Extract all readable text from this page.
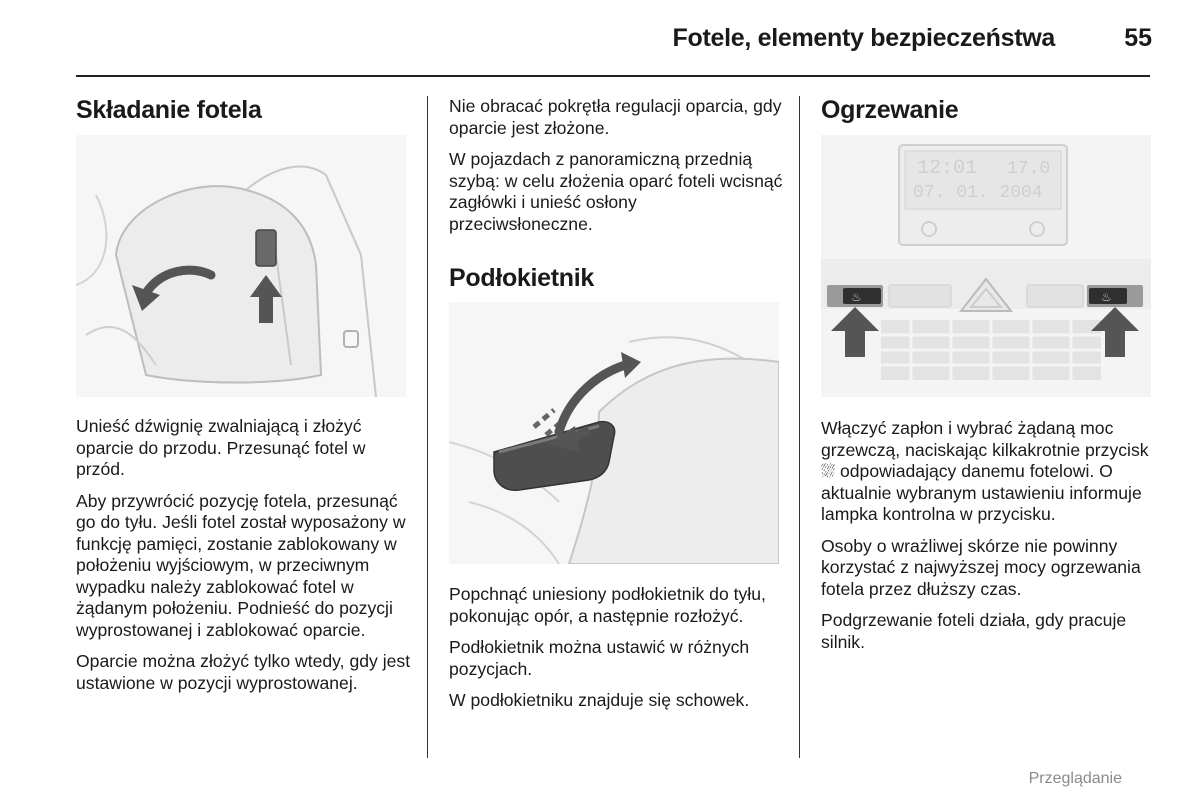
Fotele, elementy bezpieczeństwa	55
Składanie fotela

Unieść dźwignię zwalniającą i złożyć oparcie do przodu. Przesunąć fotel w przód.

Aby przywrócić pozycję fotela, przesunąć go do tyłu. Jeśli fotel został wyposażony w funkcję pamięci, zostanie zablokowany w położeniu wyjściowym, w przeciwnym wypadku należy zablokować fotel w żądanym położeniu. Podnieść do pozycji wyprostowanej i zablokować oparcie.

Oparcie można złożyć tylko wtedy, gdy jest ustawione w pozycji wyprostowanej.

Nie obracać pokrętła regulacji oparcia, gdy oparcie jest złożone.

W pojazdach z panoramiczną przednią szybą: w celu złożenia oparć foteli wcisnąć zagłówki i unieść osłony przeciwsłoneczne.

Podłokietnik

Popchnąć uniesiony podłokietnik do tyłu, pokonując opór, a następnie rozłożyć.

Podłokietnik można ustawić w różnych pozycjach.

W podłokietniku znajduje się schowek.

Ogrzewanie
12:01 17.0
07. 01. 2004
♨	♨

Włączyć zapłon i wybrać żądaną moc grzewczą, naciskając kilkakrotnie przycisk ⛆ odpowiadający danemu fotelowi. O aktualnie wybranym ustawieniu informuje lampka kontrolna w przycisku.

Osoby o wrażliwej skórze nie powinny korzystać z najwyższej mocy ogrzewania fotela przez dłuższy czas.

Podgrzewanie foteli działa, gdy pracuje silnik.

Przeglądanie
